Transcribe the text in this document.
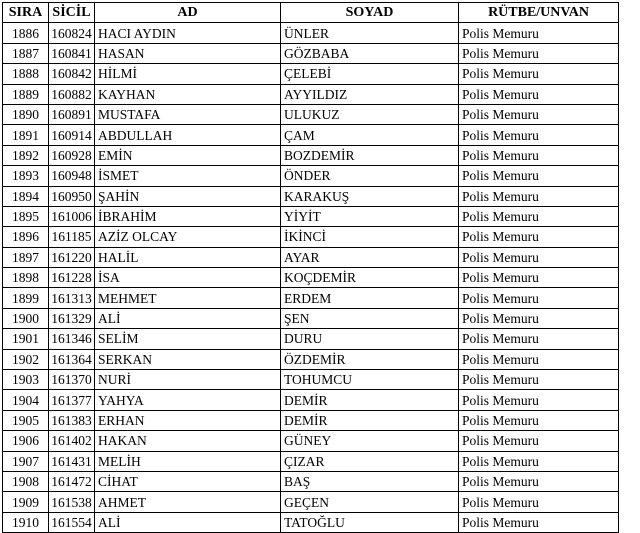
SIRA	SİCİL	AD	SOYAD	RÜTBE/UNVAN
1886	160824	HACI AYDIN	ÜNLER	Polis Memuru
1887	160841	HASAN	GÖZBABA	Polis Memuru
1888	160842	HİLMİ	ÇELEBİ	Polis Memuru
1889	160882	KAYHAN	AYYILDIZ	Polis Memuru
1890	160891	MUSTAFA	ULUKUZ	Polis Memuru
1891	160914	ABDULLAH	ÇAM	Polis Memuru
1892	160928	EMİN	BOZDEMİR	Polis Memuru
1893	160948	İSMET	ÖNDER	Polis Memuru
1894	160950	ŞAHİN	KARAKUŞ	Polis Memuru
1895	161006	İBRAHİM	YİYİT	Polis Memuru
1896	161185	AZİZ OLCAY	İKİNCİ	Polis Memuru
1897	161220	HALİL	AYAR	Polis Memuru
1898	161228	İSA	KOÇDEMİR	Polis Memuru
1899	161313	MEHMET	ERDEM	Polis Memuru
1900	161329	ALİ	ŞEN	Polis Memuru
1901	161346	SELİM	DURU	Polis Memuru
1902	161364	SERKAN	ÖZDEMİR	Polis Memuru
1903	161370	NURİ	TOHUMCU	Polis Memuru
1904	161377	YAHYA	DEMİR	Polis Memuru
1905	161383	ERHAN	DEMİR	Polis Memuru
1906	161402	HAKAN	GÜNEY	Polis Memuru
1907	161431	MELİH	ÇIZAR	Polis Memuru
1908	161472	CİHAT	BAŞ	Polis Memuru
1909	161538	AHMET	GEÇEN	Polis Memuru
1910	161554	ALİ	TATOĞLU	Polis Memuru
